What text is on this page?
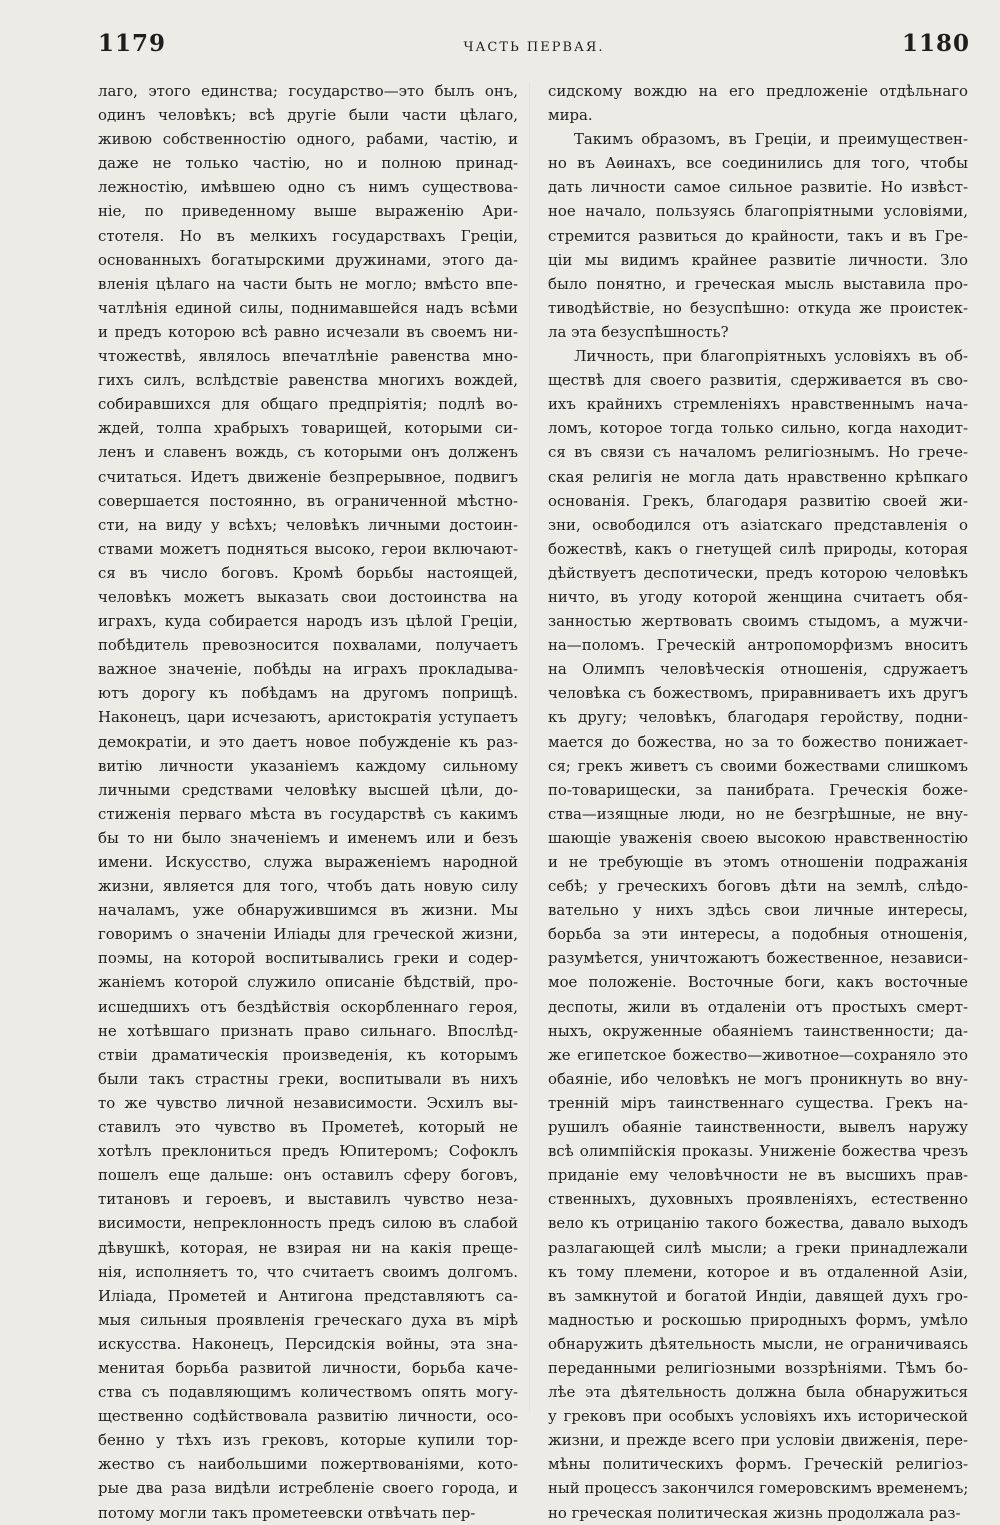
1179	ЧАСТЬ ПЕРВАЯ.	1180

лаго, этого единства; государство—это былъ онъ,

одинъ человѣкъ; всѣ другіе были части цѣлаго,

живою собственностію одного, рабами, частію, и

даже не только частію, но и полною принад-

лежностію, имѣвшею одно съ нимъ существова-

ніе, по приведенному выше выраженію Ари-

стотеля. Но въ мелкихъ государствахъ Греціи,

основанныхъ богатырскими дружинами, этого да-

вленія цѣлаго на части быть не могло; вмѣсто впе-

чатлѣнія единой силы, поднимавшейся надъ всѣми

и предъ которою всѣ равно исчезали въ своемъ ни-

чтожествѣ, являлось впечатлѣніе равенства мно-

гихъ силъ, вслѣдствіе равенства многихъ вождей,

собиравшихся для общаго предпріятія; подлѣ во-

ждей, толпа храбрыхъ товарищей, которыми си-

ленъ и славенъ вождь, съ которыми онъ долженъ

считаться. Идетъ движеніе безпрерывное, подвигъ

совершается постоянно, въ ограниченной мѣстно-

сти, на виду у всѣхъ; человѣкъ личными достоин-

ствами можетъ подняться высоко, герои включают-

ся въ число боговъ. Кромѣ борьбы настоящей,

человѣкъ можетъ выказать свои достоинства на

играхъ, куда собирается народъ изъ цѣлой Греціи,

побѣдитель превозносится похвалами, получаетъ

важное значеніе, побѣды на играхъ прокладыва-

ютъ дорогу къ побѣдамъ на другомъ поприщѣ.

Наконецъ, цари исчезаютъ, аристократія уступаетъ

демократіи, и это даетъ новое побужденіе къ раз-

витію личности указаніемъ каждому сильному

личными средствами человѣку высшей цѣли, до-

стиженія перваго мѣста въ государствѣ съ какимъ

бы то ни было значеніемъ и именемъ или и безъ

имени. Искусство, служа выраженіемъ народной

жизни, является для того, чтобъ дать новую силу

началамъ, уже обнаружившимся въ жизни. Мы

говоримъ о значеніи Иліады для греческой жизни,

поэмы, на которой воспитывались греки и содер-

жаніемъ которой служило описаніе бѣдствій, про-

исшедшихъ отъ бездѣйствія оскорбленнаго героя,

не хотѣвшаго признать право сильнаго. Впослѣд-

ствіи драматическія произведенія, къ которымъ

были такъ страстны греки, воспитывали въ нихъ

то же чувство личной независимости. Эсхилъ вы-

ставилъ это чувство въ Прометеѣ, который не

хотѣлъ преклониться предъ Юпитеромъ; Софоклъ

пошелъ еще дальше: онъ оставилъ сферу боговъ,

титановъ и героевъ, и выставилъ чувство неза-

висимости, непреклонность предъ силою въ слабой

дѣвушкѣ, которая, не взирая ни на какія преще-

нія, исполняетъ то, что считаетъ своимъ долгомъ.

Иліада, Прометей и Антигона представляютъ са-

мыя сильныя проявленія греческаго духа въ мірѣ

искусства. Наконецъ, Персидскія войны, эта зна-

менитая борьба развитой личности, борьба каче-

ства съ подавляющимъ количествомъ опять могу-

щественно содѣйствовала развитію личности, осо-

бенно у тѣхъ изъ грековъ, которые купили тор-

жество съ наибольшими пожертвованіями, кото-

рые два раза видѣли истребленіе своего города, и

потому могли такъ прометеевски отвѣчать пер-

сидскому вождю на его предложеніе отдѣльнаго

мира.

Такимъ образомъ, въ Греціи, и преимуществен-

но въ Аѳинахъ, все соединились для того, чтобы

дать личности самое сильное развитіе. Но извѣст-

ное начало, пользуясь благопріятными условіями,

стремится развиться до крайности, такъ и въ Гре-

ціи мы видимъ крайнее развитіе личности. Зло

было понятно, и греческая мысль выставила про-

тиводѣйствіе, но безуспѣшно: откуда же проистек-

ла эта безуспѣшность?

Личность, при благопріятныхъ условіяхъ въ об-

ществѣ для своего развитія, сдерживается въ сво-

ихъ крайнихъ стремленіяхъ нравственнымъ нача-

ломъ, которое тогда только сильно, когда находит-

ся въ связи съ началомъ религіознымъ. Но грече-

ская религія не могла дать нравственно крѣпкаго

основанія. Грекъ, благодаря развитію своей жи-

зни, освободился отъ азіатскаго представленія о

божествѣ, какъ о гнетущей силѣ природы, которая

дѣйствуетъ деспотически, предъ которою человѣкъ

ничто, въ угоду которой женщина считаетъ обя-

занностью жертвовать своимъ стыдомъ, а мужчи-

на—поломъ. Греческій антропоморфизмъ вноситъ

на Олимпъ человѣческія отношенія, сдружаетъ

человѣка съ божествомъ, приравниваетъ ихъ другъ

къ другу; человѣкъ, благодаря геройству, подни-

мается до божества, но за то божество понижает-

ся; грекъ живетъ съ своими божествами слишкомъ

по-товарищески, за панибрата. Греческія боже-

ства—изящные люди, но не безгрѣшные, не вну-

шающіе уваженія своею высокою нравственностію

и не требующіе въ этомъ отношеніи подражанія

себѣ; у греческихъ боговъ дѣти на землѣ, слѣдо-

вательно у нихъ здѣсь свои личные интересы,

борьба за эти интересы, а подобныя отношенія,

разумѣется, уничтожаютъ божественное, независи-

мое положеніе. Восточные боги, какъ восточные

деспоты, жили въ отдаленіи отъ простыхъ смерт-

ныхъ, окруженные обаяніемъ таинственности; да-

же египетское божество—животное—сохраняло это

обаяніе, ибо человѣкъ не могъ проникнуть во вну-

тренній міръ таинственнаго существа. Грекъ на-

рушилъ обаяніе таинственности, вывелъ наружу

всѣ олимпійскія проказы. Униженіе божества чрезъ

приданіе ему человѣчности не въ высшихъ прав-

ственныхъ, духовныхъ проявленіяхъ, естественно

вело къ отрицанію такого божества, давало выходъ

разлагающей силѣ мысли; а греки принадлежали

къ тому племени, которое и въ отдаленной Азіи,

въ замкнутой и богатой Индіи, давящей духъ гро-

мадностью и роскошью природныхъ формъ, умѣло

обнаружить дѣятельность мысли, не ограничиваясь

переданными религіозными воззрѣніями. Тѣмъ бо-

лѣе эта дѣятельность должна была обнаружиться

у грековъ при особыхъ условіяхъ ихъ исторической

жизни, и прежде всего при условіи движенія, пере-

мѣны политическихъ формъ. Греческій религіоз-

ный процессъ закончился гомеровскимъ временемъ;

но греческая политическая жизнь продолжала раз-
